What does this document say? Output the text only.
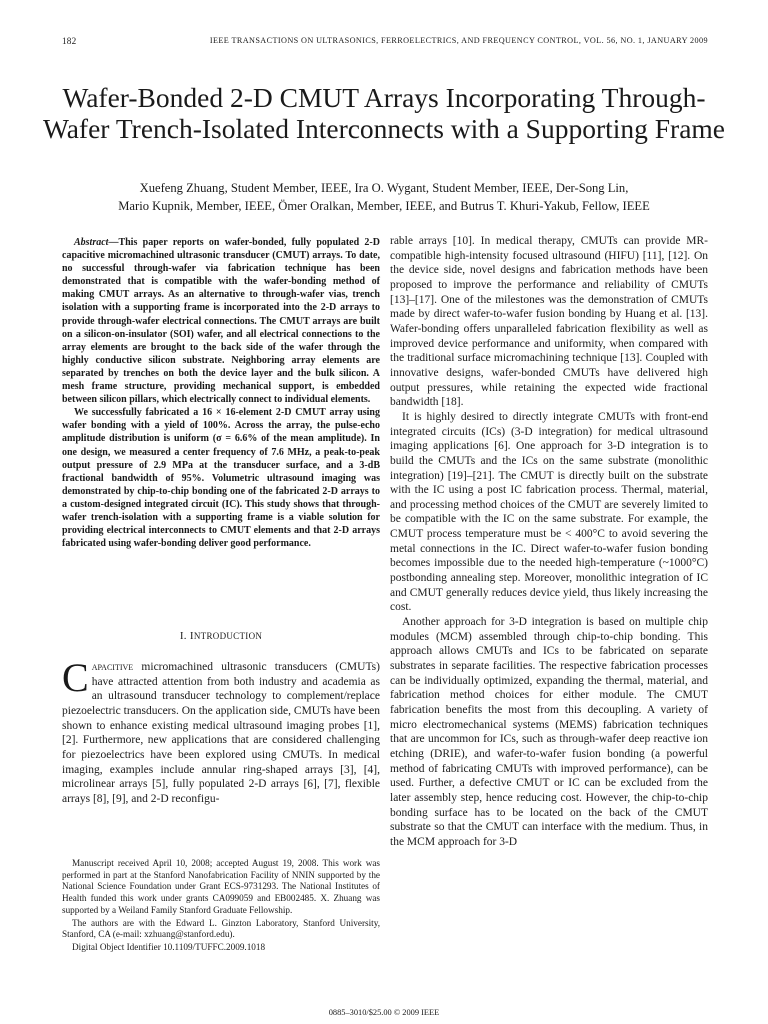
182	IEEE TRANSACTIONS ON ULTRASONICS, FERROELECTRICS, AND FREQUENCY CONTROL, VOL. 56, NO. 1, JANUARY 2009
Wafer-Bonded 2-D CMUT Arrays Incorporating Through-Wafer Trench-Isolated Interconnects with a Supporting Frame
Xuefeng Zhuang, Student Member, IEEE, Ira O. Wygant, Student Member, IEEE, Der-Song Lin,
Mario Kupnik, Member, IEEE, Ömer Oralkan, Member, IEEE, and Butrus T. Khuri-Yakub, Fellow, IEEE

Abstract—This paper reports on wafer-bonded, fully populated 2-D capacitive micromachined ultrasonic transducer (CMUT) arrays. To date, no successful through-wafer via fabrication technique has been demonstrated that is compatible with the wafer-bonding method of making CMUT arrays. As an alternative to through-wafer vias, trench isolation with a supporting frame is incorporated into the 2-D arrays to provide through-wafer electrical connections. The CMUT arrays are built on a silicon-on-insulator (SOI) wafer, and all electrical connections to the array elements are brought to the back side of the wafer through the highly conductive silicon substrate. Neighboring array elements are separated by trenches on both the device layer and the bulk silicon. A mesh frame structure, providing mechanical support, is embedded between silicon pillars, which electrically connect to individual elements.

We successfully fabricated a 16 × 16-element 2-D CMUT array using wafer bonding with a yield of 100%. Across the array, the pulse-echo amplitude distribution is uniform (σ = 6.6% of the mean amplitude). In one design, we measured a center frequency of 7.6 MHz, a peak-to-peak output pressure of 2.9 MPa at the transducer surface, and a 3-dB fractional bandwidth of 95%. Volumetric ultrasound imaging was demonstrated by chip-to-chip bonding one of the fabricated 2-D arrays to a custom-designed integrated circuit (IC). This study shows that through-wafer trench-isolation with a supporting frame is a viable solution for providing electrical interconnects to CMUT elements and that 2-D arrays fabricated using wafer-bonding deliver good performance.

I. INTRODUCTION
Capacitive micromachined ultrasonic transducers (CMUTs) have attracted attention from both industry and academia as an ultrasound transducer technology to complement/replace piezoelectric transducers. On the application side, CMUTs have been shown to enhance existing medical ultrasound imaging probes [1], [2]. Furthermore, new applications that are considered challenging for piezoelectrics have been explored using CMUTs. In medical imaging, examples include annular ring-shaped arrays [3], [4], microlinear arrays [5], fully populated 2-D arrays [6], [7], flexible arrays [8], [9], and 2-D reconfigu-

Manuscript received April 10, 2008; accepted August 19, 2008. This work was performed in part at the Stanford Nanofabrication Facility of NNIN supported by the National Science Foundation under Grant ECS-9731293. The National Institutes of Health funded this work under grants CA099059 and EB002485. X. Zhuang was supported by a Weiland Family Stanford Graduate Fellowship.

The authors are with the Edward L. Ginzton Laboratory, Stanford University, Stanford, CA (e-mail: xzhuang@stanford.edu).

Digital Object Identifier 10.1109/TUFFC.2009.1018

rable arrays [10]. In medical therapy, CMUTs can provide MR-compatible high-intensity focused ultrasound (HIFU) [11], [12]. On the device side, novel designs and fabrication methods have been proposed to improve the performance and reliability of CMUTs [13]–[17]. One of the milestones was the demonstration of CMUTs made by direct wafer-to-wafer fusion bonding by Huang et al. [13]. Wafer-bonding offers unparalleled fabrication flexibility as well as improved device performance and uniformity, when compared with the traditional surface micromachining technique [13]. Coupled with innovative designs, wafer-bonded CMUTs have delivered high output pressures, while retaining the expected wide fractional bandwidth [18].

It is highly desired to directly integrate CMUTs with front-end integrated circuits (ICs) (3-D integration) for medical ultrasound imaging applications [6]. One approach for 3-D integration is to build the CMUTs and the ICs on the same substrate (monolithic integration) [19]–[21]. The CMUT is directly built on the substrate with the IC using a post IC fabrication process. Thermal, material, and processing method choices of the CMUT are severely limited to be compatible with the IC on the same substrate. For example, the CMUT process temperature must be < 400°C to avoid severing the metal connections in the IC. Direct wafer-to-wafer fusion bonding becomes impossible due to the needed high-temperature (~1000°C) postbonding annealing step. Moreover, monolithic integration of IC and CMUT generally reduces device yield, thus likely increasing the cost.

Another approach for 3-D integration is based on multiple chip modules (MCM) assembled through chip-to-chip bonding. This approach allows CMUTs and ICs to be fabricated on separate substrates in separate facilities. The respective fabrication processes can be individually optimized, expanding the thermal, material, and fabrication method choices for either module. The CMUT fabrication benefits the most from this decoupling. A variety of micro electromechanical systems (MEMS) fabrication techniques that are uncommon for ICs, such as through-wafer deep reactive ion etching (DRIE), and wafer-to-wafer fusion bonding (a powerful method of fabricating CMUTs with improved performance), can be used. Further, a defective CMUT or IC can be excluded from the later assembly step, hence reducing cost. However, the chip-to-chip bonding surface has to be located on the back of the CMUT substrate so that the CMUT can interface with the medium. Thus, in the MCM approach for 3-D

0885–3010/$25.00 © 2009 IEEE
